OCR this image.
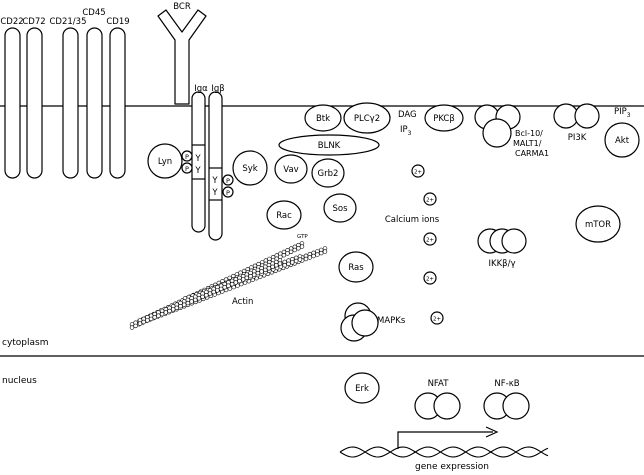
CD22
CD72 CD21/35
CD45
CD19
BCR
Igα Igβ
Y
Y
Y
Y
P
P
P
P
Lyn
Syk
Btk	PLCγ2
BLNK
DAG
$IP_3$
PKCβ
Bcl-10/
MALT1/
CARMA1
PI3K
$PIP_3$
Akt
Vav Grb2
Rac
GTP
Sos
Ras
MAPKs
mTOR
IKKβ/γ
Calcium ions
2+
2+
2+
2+
2+
Actin
cytoplasm
nucleus
Erk	NFAT	NF-κB
gene expression
